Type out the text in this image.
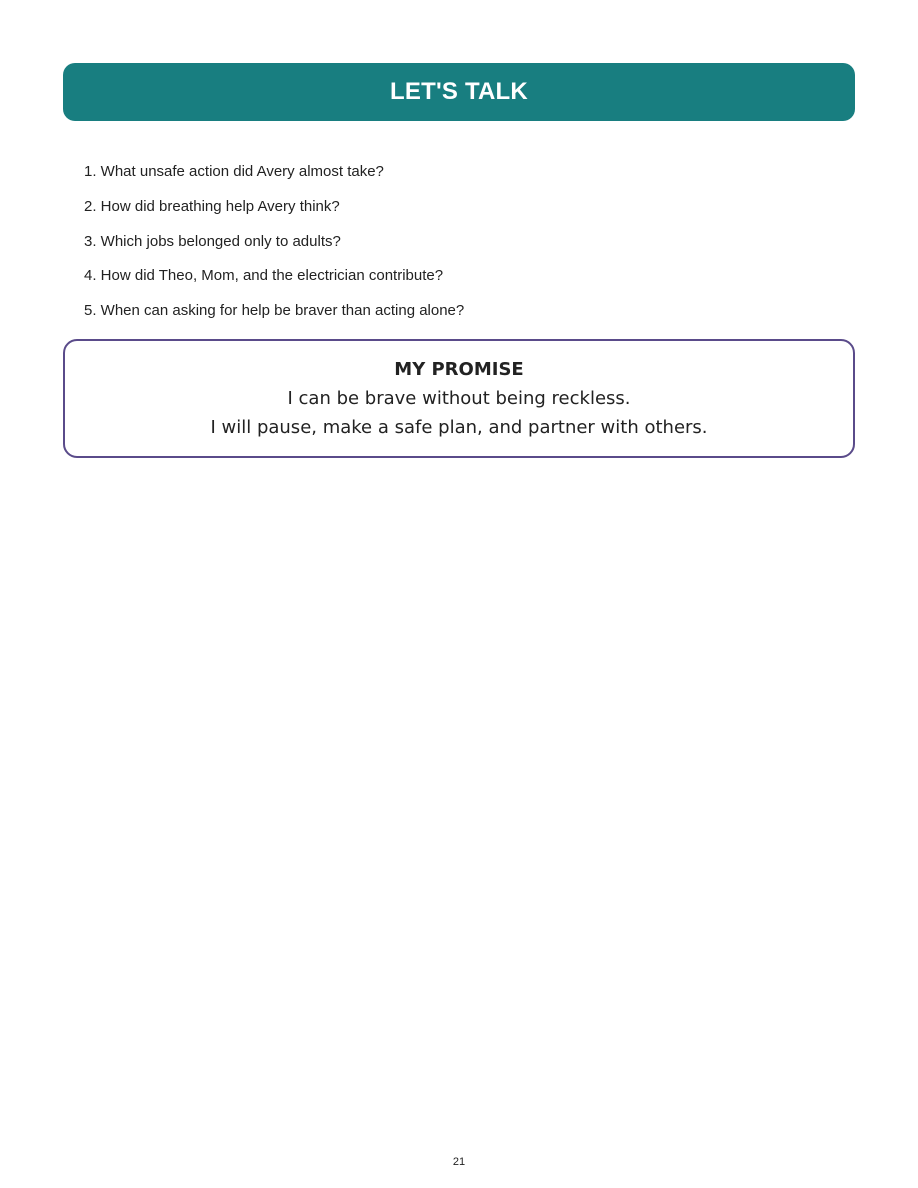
LET'S TALK
1. What unsafe action did Avery almost take?
2. How did breathing help Avery think?
3. Which jobs belonged only to adults?
4. How did Theo, Mom, and the electrician contribute?
5. When can asking for help be braver than acting alone?
MY PROMISE
I can be brave without being reckless.
I will pause, make a safe plan, and partner with others.
21
